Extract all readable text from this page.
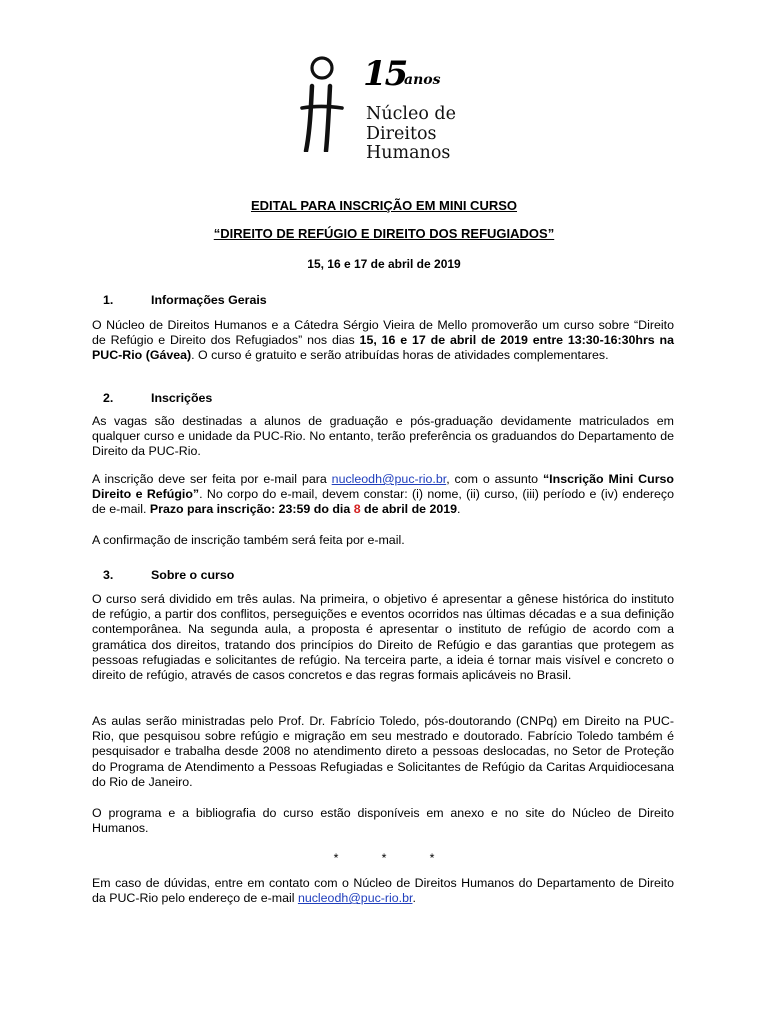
15
anos
Núcleo de
Direitos
Humanos
EDITAL PARA INSCRIÇÃO EM MINI CURSO
“DIREITO DE REFÚGIO E DIREITO DOS REFUGIADOS”
15, 16 e 17 de abril de 2019
1.	Informações Gerais
O Núcleo de Direitos Humanos e a Cátedra Sérgio Vieira de Mello promoverão um curso sobre “Direito de Refúgio e Direito dos Refugiados” nos dias 15, 16 e 17 de abril de 2019 entre 13:30-16:30hrs na PUC-Rio (Gávea). O curso é gratuito e serão atribuídas horas de atividades complementares.
2.	Inscrições
As vagas são destinadas a alunos de graduação e pós-graduação devidamente matriculados em qualquer curso e unidade da PUC-Rio. No entanto, terão preferência os graduandos do Departamento de Direito da PUC-Rio.
A inscrição deve ser feita por e-mail para nucleodh@puc-rio.br, com o assunto “Inscrição Mini Curso Direito e Refúgio”. No corpo do e-mail, devem constar: (i) nome, (ii) curso, (iii) período e (iv) endereço de e-mail. Prazo para inscrição: 23:59 do dia 8 de abril de 2019.
A confirmação de inscrição também será feita por e-mail.
3.	Sobre o curso
O curso será dividido em três aulas. Na primeira, o objetivo é apresentar a gênese histórica do instituto de refúgio, a partir dos conflitos, perseguições e eventos ocorridos nas últimas décadas e a sua definição contemporânea. Na segunda aula, a proposta é apresentar o instituto de refúgio de acordo com a gramática dos direitos, tratando dos princípios do Direito de Refúgio e das garantias que protegem as pessoas refugiadas e solicitantes de refúgio. Na terceira parte, a ideia é tornar mais visível e concreto o direito de refúgio, através de casos concretos e das regras formais aplicáveis no Brasil.
As aulas serão ministradas pelo Prof. Dr. Fabrício Toledo, pós-doutorando (CNPq) em Direito na PUC-Rio, que pesquisou sobre refúgio e migração em seu mestrado e doutorado. Fabrício Toledo também é pesquisador e trabalha desde 2008 no atendimento direto a pessoas deslocadas, no Setor de Proteção do Programa de Atendimento a Pessoas Refugiadas e Solicitantes de Refúgio da Caritas Arquidiocesana do Rio de Janeiro.
O programa e a bibliografia do curso estão disponíveis em anexo e no site do Núcleo de Direito Humanos.
*	*	*
Em caso de dúvidas, entre em contato com o Núcleo de Direitos Humanos do Departamento de Direito da PUC-Rio pelo endereço de e-mail nucleodh@puc-rio.br.
